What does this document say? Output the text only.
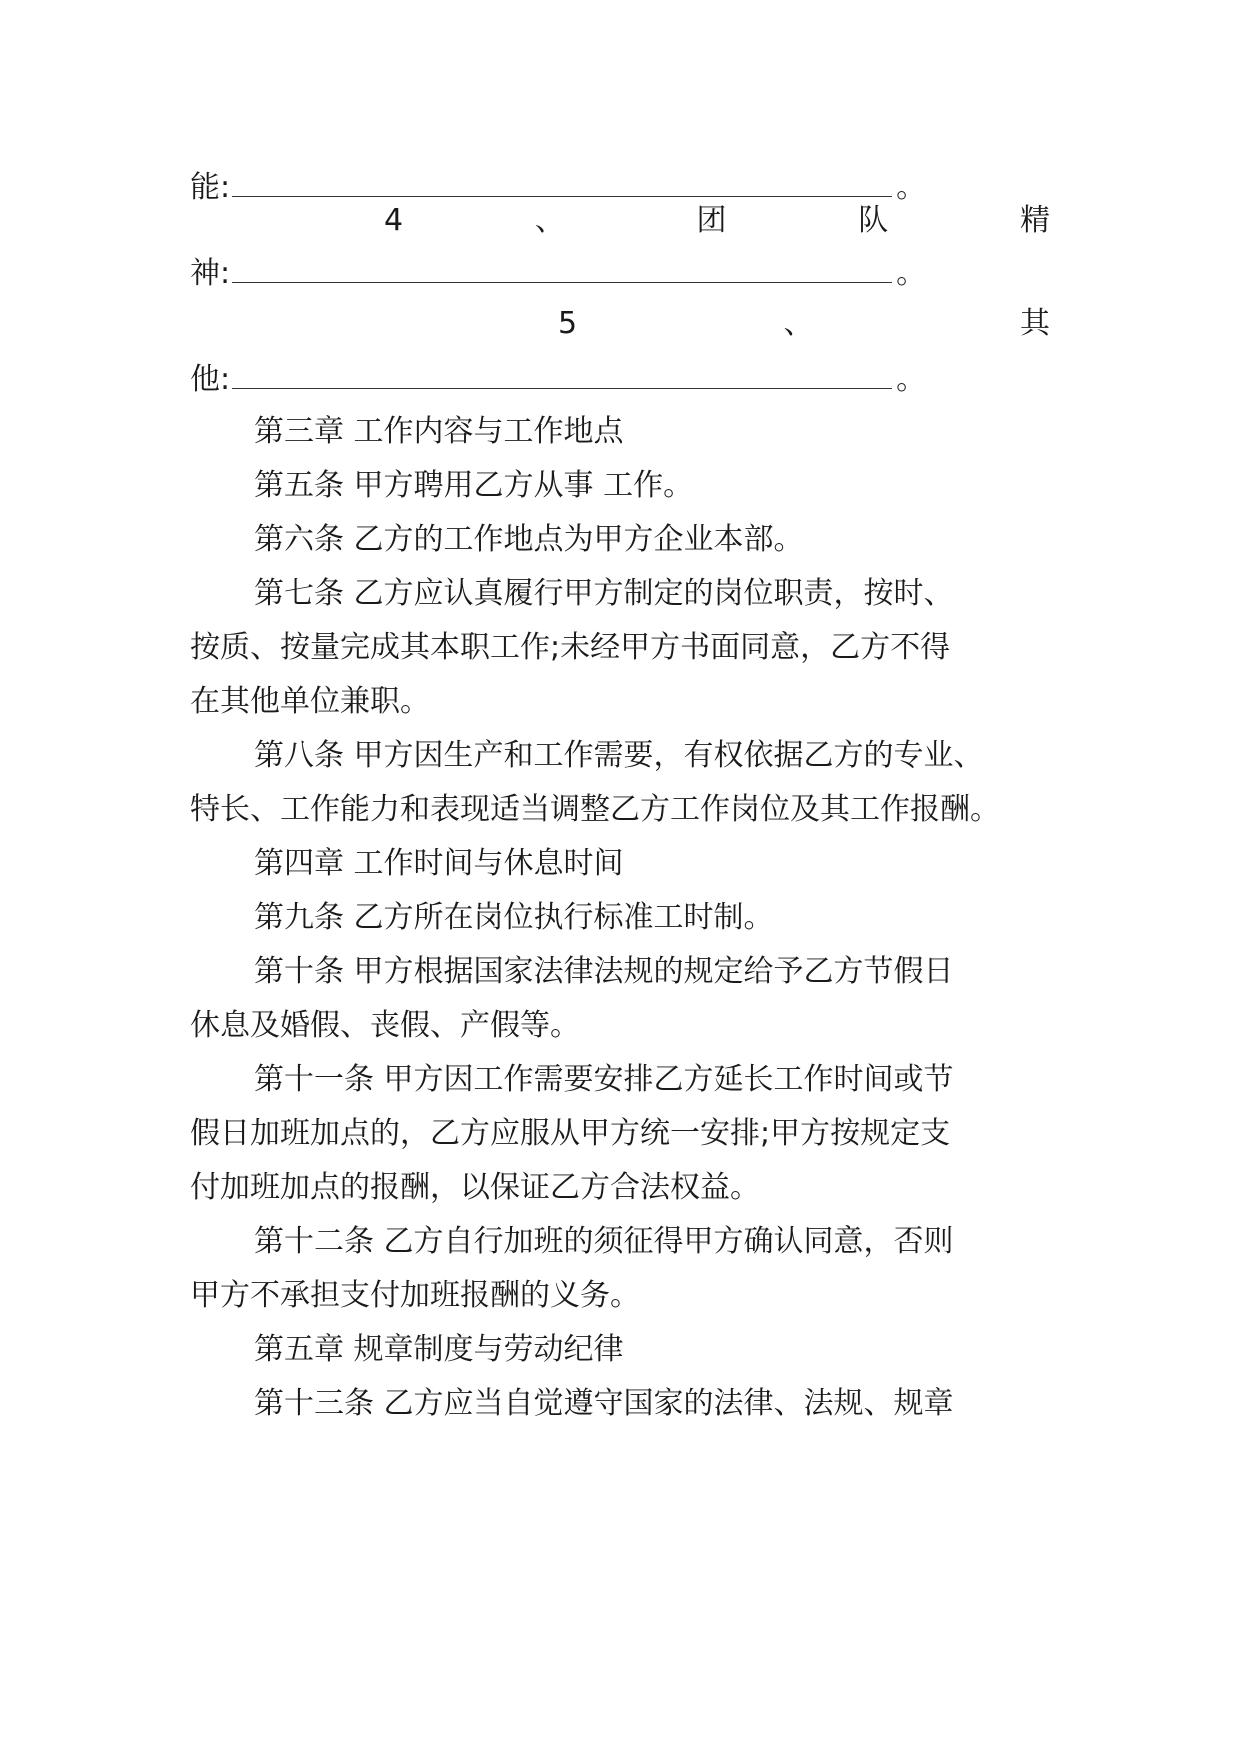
能:	。
4	、	团	队	精
神:	。
5	、	其
他:	。
第三章 工作内容与工作地点
第五条 甲方聘用乙方从事 工作。
第六条 乙方的工作地点为甲方企业本部。
第七条 乙方应认真履行甲方制定的岗位职责，按时、
按质、按量完成其本职工作;未经甲方书面同意，乙方不得
在其他单位兼职。
第八条 甲方因生产和工作需要，有权依据乙方的专业、
特长、工作能力和表现适当调整乙方工作岗位及其工作报酬。
第四章 工作时间与休息时间
第九条 乙方所在岗位执行标准工时制。
第十条 甲方根据国家法律法规的规定给予乙方节假日
休息及婚假、丧假、产假等。
第十一条 甲方因工作需要安排乙方延长工作时间或节
假日加班加点的，乙方应服从甲方统一安排;甲方按规定支
付加班加点的报酬，以保证乙方合法权益。
第十二条 乙方自行加班的须征得甲方确认同意，否则
甲方不承担支付加班报酬的义务。
第五章 规章制度与劳动纪律
第十三条 乙方应当自觉遵守国家的法律、法规、规章
